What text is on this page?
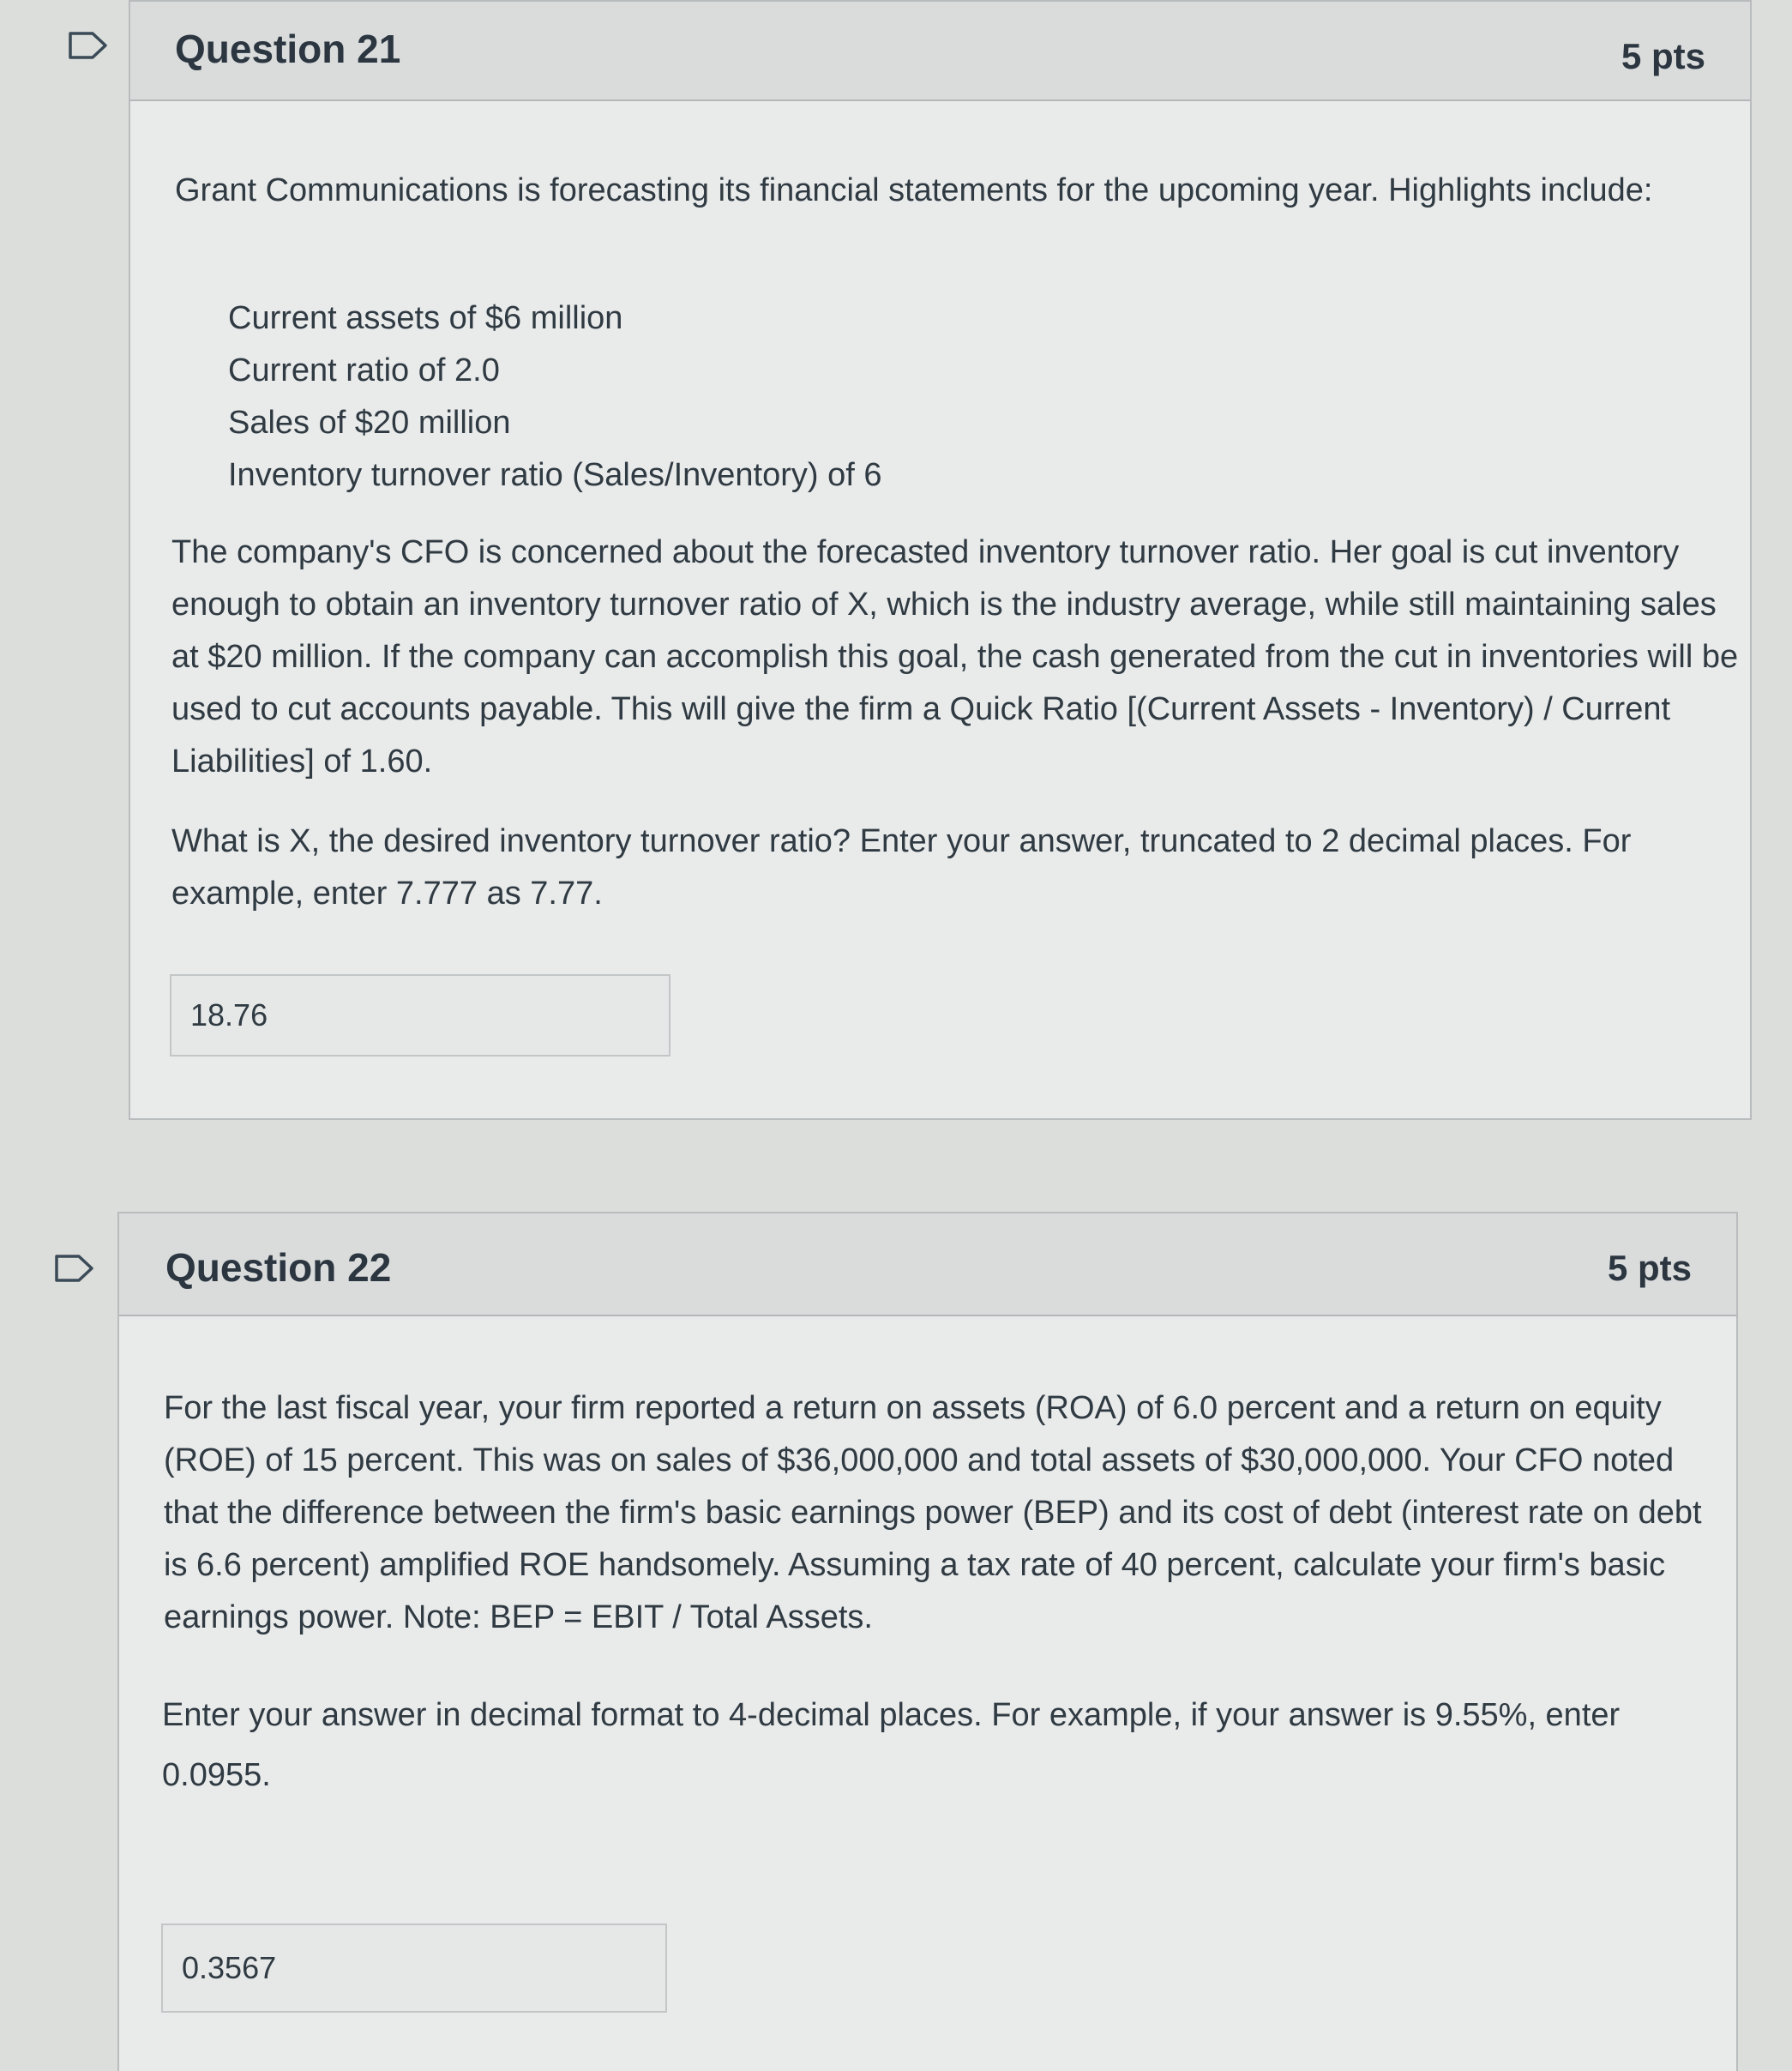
Question 21	5 pts

Grant Communications is forecasting its financial statements for the upcoming year. Highlights include:

Current assets of $6 million
Current ratio of 2.0
Sales of $20 million
Inventory turnover ratio (Sales/Inventory) of 6

The company's CFO is concerned about the forecasted inventory turnover ratio. Her goal is cut inventory enough to obtain an inventory turnover ratio of X, which is the industry average, while still maintaining sales at $20 million. If the company can accomplish this goal, the cash generated from the cut in inventories will be used to cut accounts payable. This will give the firm a Quick Ratio [(Current Assets - Inventory) / Current Liabilities] of 1.60.

What is X, the desired inventory turnover ratio? Enter your answer, truncated to 2 decimal places. For example, enter 7.777 as 7.77.

18.76
Question 22	5 pts

For the last fiscal year, your firm reported a return on assets (ROA) of 6.0 percent and a return on equity (ROE) of 15 percent. This was on sales of $36,000,000 and total assets of $30,000,000. Your CFO noted that the difference between the firm's basic earnings power (BEP) and its cost of debt (interest rate on debt is 6.6 percent) amplified ROE handsomely. Assuming a tax rate of 40 percent, calculate your firm's basic earnings power. Note: BEP = EBIT / Total Assets.

Enter your answer in decimal format to 4-decimal places. For example, if your answer is 9.55%, enter 0.0955.

0.3567
